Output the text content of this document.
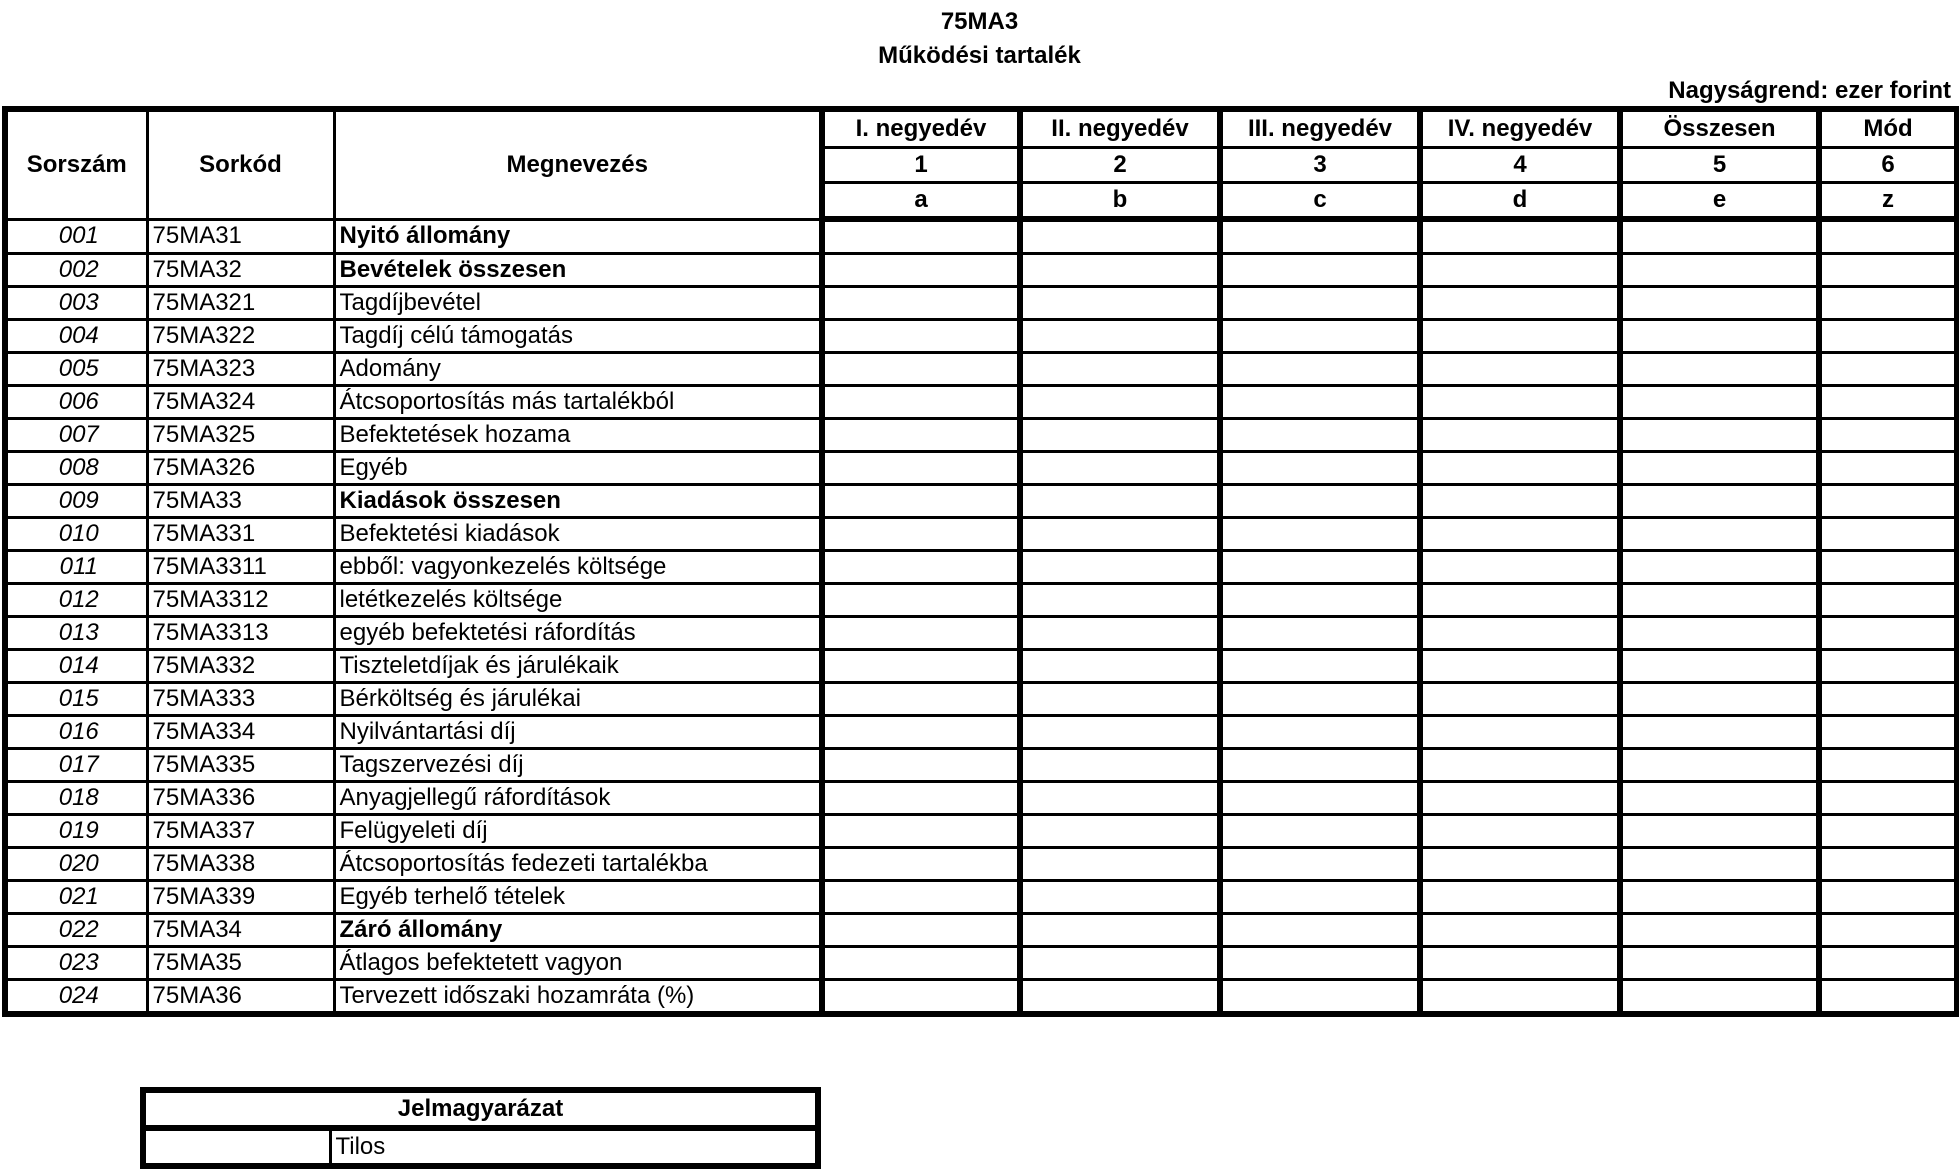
75MA3
Működési tartalék
Nagyságrend: ezer forint
Sorszám	Sorkód	Megnevezés	I. negyedév	II. negyedév	III. negyedév	IV. negyedév	Összesen	Mód
			1	2	3	4	5	6
			a	b	c	d	e	z
001	75MA31	Nyitó állomány						
002	75MA32	Bevételek összesen						
003	75MA321	Tagdíjbevétel						
004	75MA322	Tagdíj célú támogatás						
005	75MA323	Adomány						
006	75MA324	Átcsoportosítás más tartalékból						
007	75MA325	Befektetések hozama						
008	75MA326	Egyéb						
009	75MA33	Kiadások összesen						
010	75MA331	Befektetési kiadások						
011	75MA3311	ebből: vagyonkezelés költsége						
012	75MA3312	letétkezelés költsége						
013	75MA3313	egyéb befektetési ráfordítás						
014	75MA332	Tiszteletdíjak és járulékaik						
015	75MA333	Bérköltség és járulékai						
016	75MA334	Nyilvántartási díj						
017	75MA335	Tagszervezési díj						
018	75MA336	Anyagjellegű ráfordítások						
019	75MA337	Felügyeleti díj						
020	75MA338	Átcsoportosítás fedezeti tartalékba						
021	75MA339	Egyéb terhelő tételek						
022	75MA34	Záró állomány						
023	75MA35	Átlagos befektetett vagyon						
024	75MA36	Tervezett időszaki hozamráta (%)						
Jelmagyarázat
	Tilos
